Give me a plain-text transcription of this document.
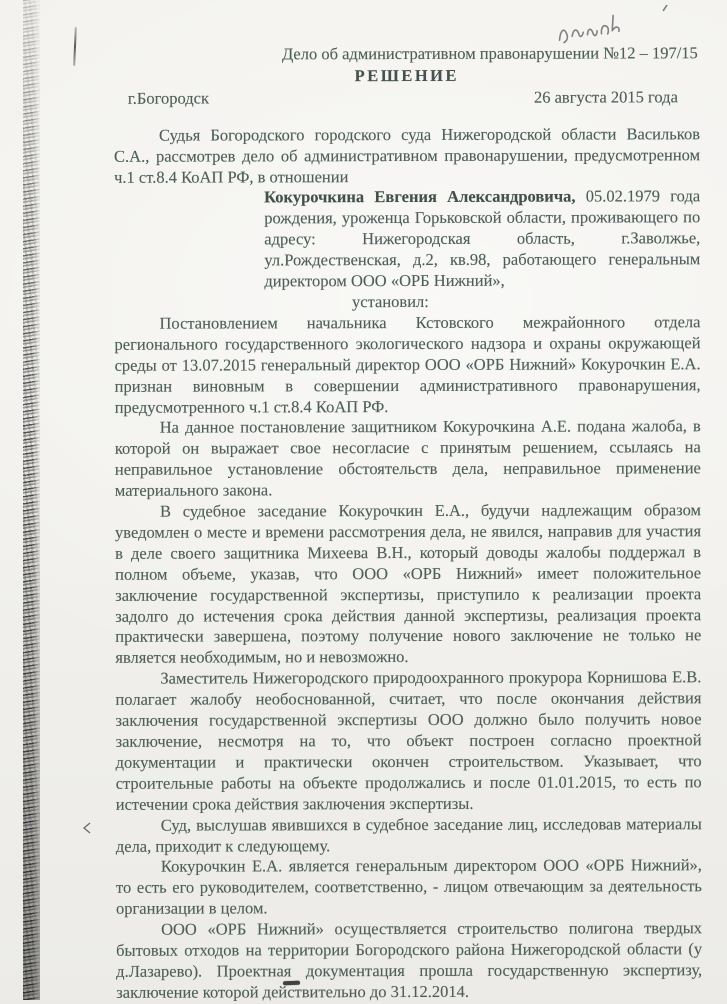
Дело об административном правонарушении №12 – 197/15
РЕШЕНИЕ
г.Богородск	26 августа 2015 года

Судья Богородского городского суда Нижегородской области Васильков С.А., рассмотрев дело об административном правонарушении, предусмотренном ч.1 ст.8.4 КоАП РФ, в отношении

Кокурочкина Евгения Александровича, 05.02.1979 года рождения, уроженца Горьковской области, проживающего по адресу: Нижегородская область, г.Заволжье, ул.Рождественская, д.2, кв.98, работающего генеральным директором ООО «ОРБ Нижний»,
установил:

Постановлением начальника Кстовского межрайонного отдела регионального государственного экологического надзора и охраны окружающей среды от 13.07.2015 генеральный директор ООО «ОРБ Нижний» Кокурочкин Е.А. признан виновным в совершении административного правонарушения, предусмотренного ч.1 ст.8.4 КоАП РФ.

На данное постановление защитником Кокурочкина А.Е. подана жалоба, в которой он выражает свое несогласие с принятым решением, ссылаясь на неправильное установление обстоятельств дела, неправильное применение материального закона.

В судебное заседание Кокурочкин Е.А., будучи надлежащим образом уведомлен о месте и времени рассмотрения дела, не явился, направив для участия в деле своего защитника Михеева В.Н., который доводы жалобы поддержал в полном объеме, указав, что ООО «ОРБ Нижний» имеет положительное заключение государственной экспертизы, приступило к реализации проекта задолго до истечения срока действия данной экспертизы, реализация проекта практически завершена, поэтому получение нового заключение не только не является необходимым, но и невозможно.

Заместитель Нижегородского природоохранного прокурора Корнишова Е.В. полагает жалобу необоснованной, считает, что после окончания действия заключения государственной экспертизы ООО должно было получить новое заключение, несмотря на то, что объект построен согласно проектной документации и практически окончен строительством. Указывает, что строительные работы на объекте продолжались и после 01.01.2015, то есть по истечении срока действия заключения экспертизы.

Суд, выслушав явившихся в судебное заседание лиц, исследовав материалы дела, приходит к следующему.

Кокурочкин Е.А. является генеральным директором ООО «ОРБ Нижний», то есть его руководителем, соответственно, - лицом отвечающим за деятельность организации в целом.

ООО «ОРБ Нижний» осуществляется строительство полигона твердых бытовых отходов на территории Богородского района Нижегородской области (у д.Лазарево). Проектная документация прошла государственную экспертизу, заключение которой действительно до 31.12.2014.
